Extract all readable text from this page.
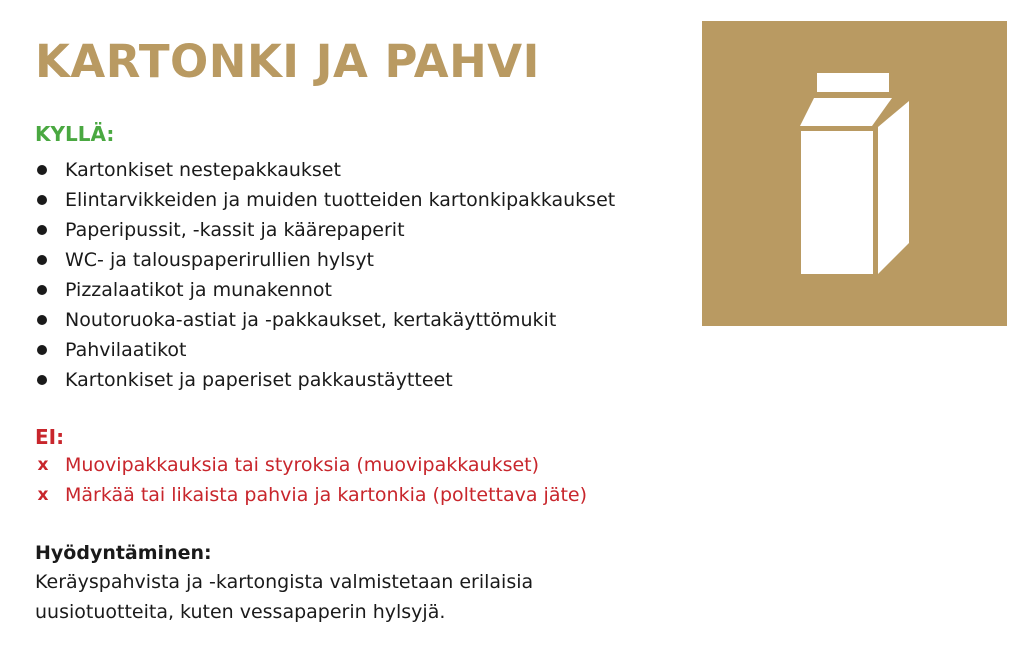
KARTONKI JA PAHVI
KYLLÄ:
Kartonkiset nestepakkaukset
Elintarvikkeiden ja muiden tuotteiden kartonkipakkaukset
Paperipussit, -kassit ja käärepaperit
WC- ja talouspaperirullien hylsyt
Pizzalaatikot ja munakennot
Noutoruoka-astiat ja -pakkaukset, kertakäyttömukit
Pahvilaatikot
Kartonkiset ja paperiset pakkaustäytteet
EI:
x Muovipakkauksia tai styroksia (muovipakkaukset)
x Märkää tai likaista pahvia ja kartonkia (poltettava jäte)
Hyödyntäminen:

Keräyspahvista ja -kartongista valmistetaan erilaisia
uusiotuotteita, kuten vessapaperin hylsyjä.
